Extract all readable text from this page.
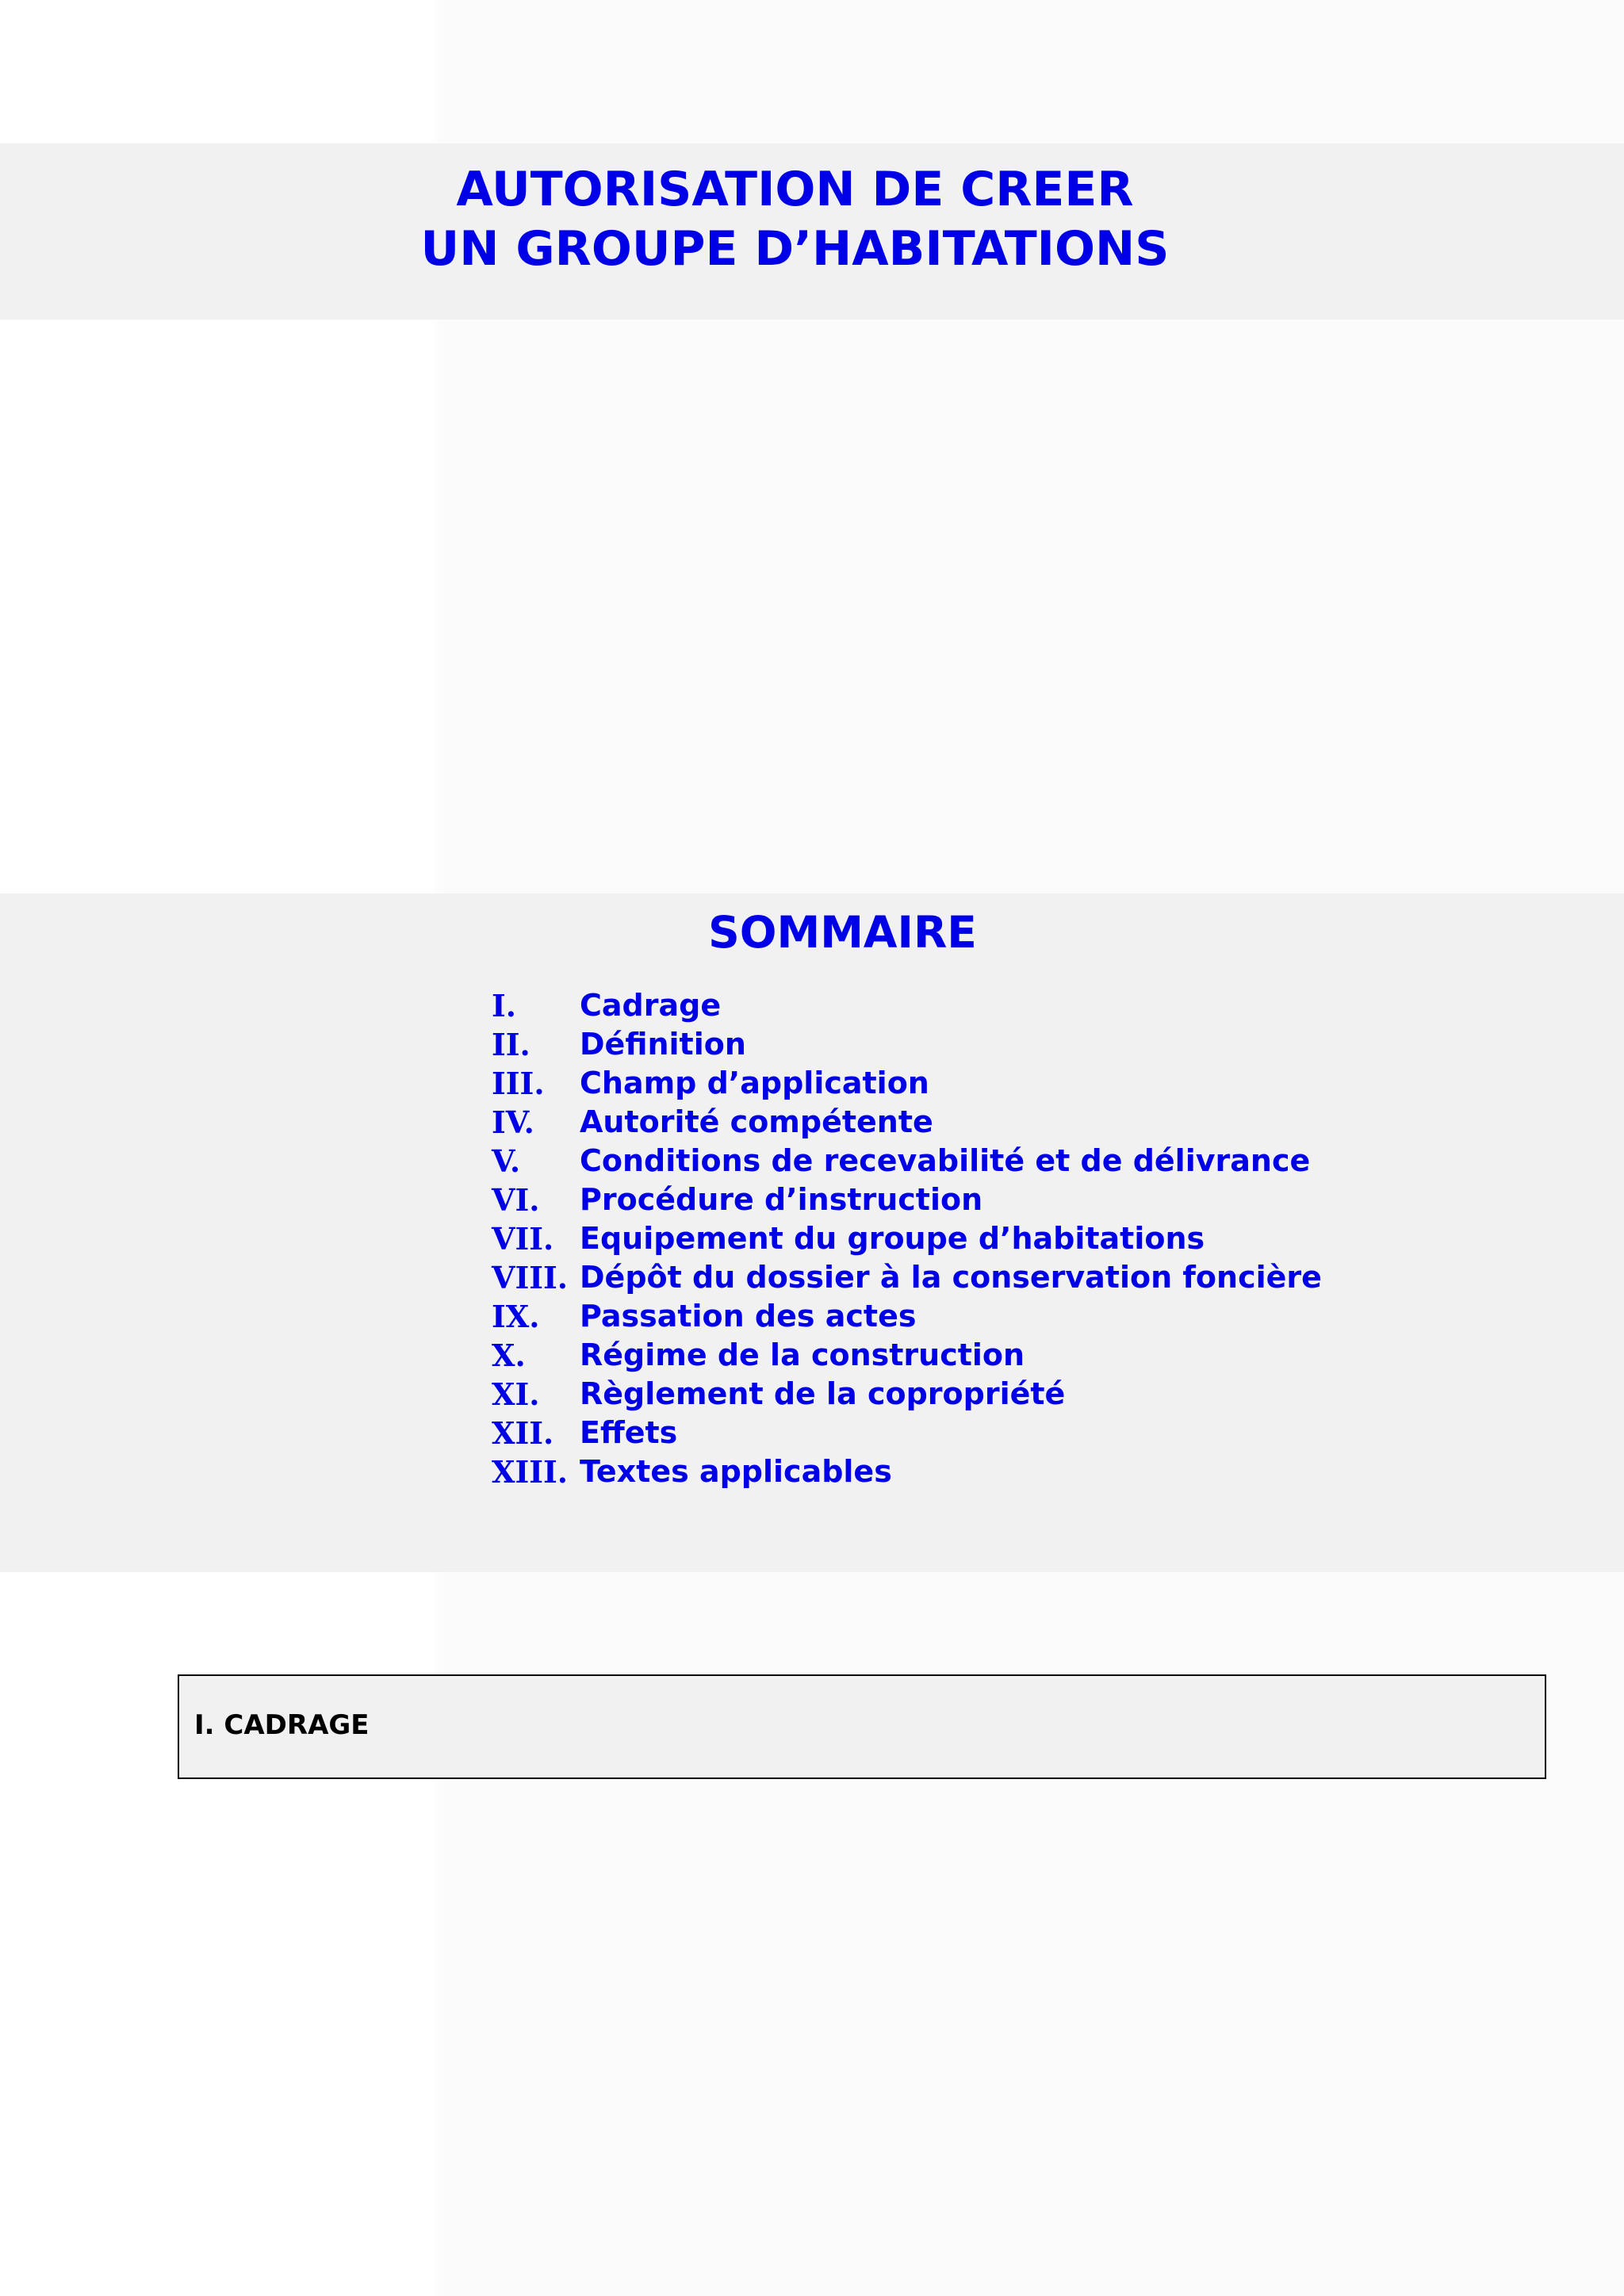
AUTORISATION DE CREER
UN GROUPE D’HABITATIONS
SOMMAIRE
I. Cadrage
II. Définition
III. Champ d’application
IV. Autorité compétente
V. Conditions de recevabilité et de délivrance
VI. Procédure d’instruction
VII. Equipement du groupe d’habitations
VIII. Dépôt du dossier à la conservation foncière
IX. Passation des actes
X. Régime de la construction
XI. Règlement de la copropriété
XII. Effets
XIII. Textes applicables
I. CADRAGE
